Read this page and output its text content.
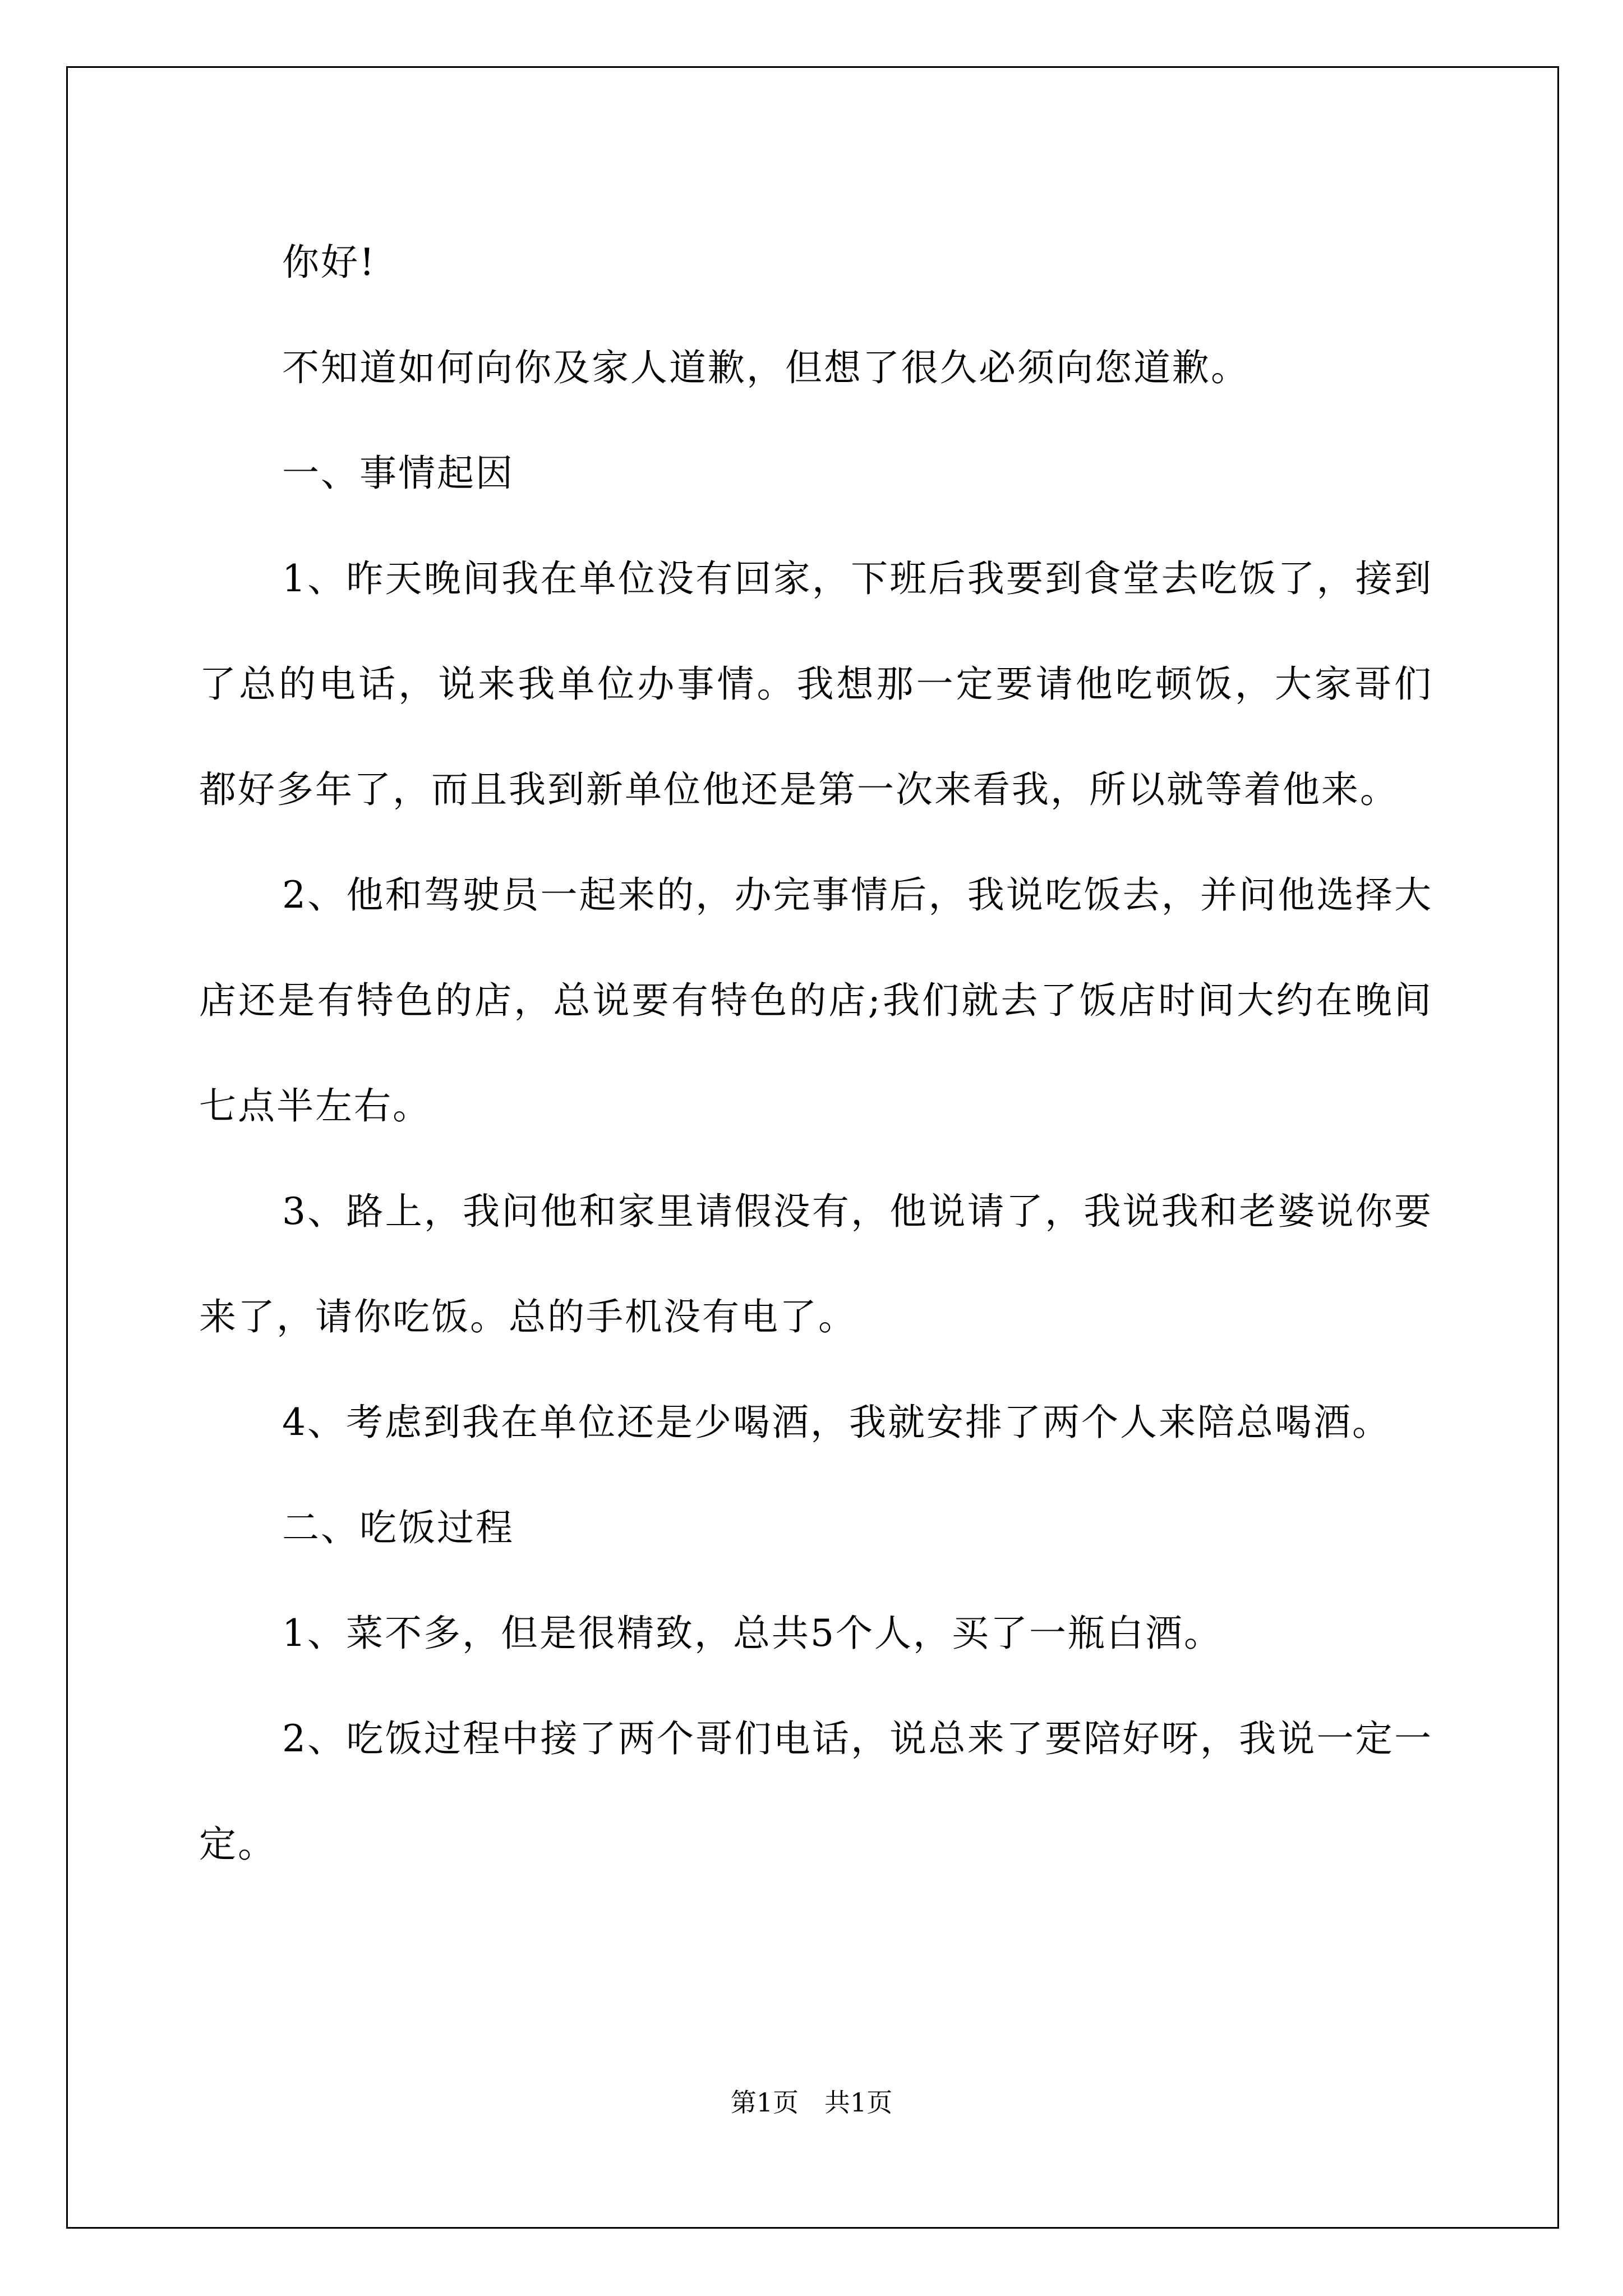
你好!

不知道如何向你及家人道歉，但想了很久必须向您道歉。

一、事情起因

1、昨天晚间我在单位没有回家，下班后我要到食堂去吃饭了，接到了总的电话，说来我单位办事情。我想那一定要请他吃顿饭，大家哥们都好多年了，而且我到新单位他还是第一次来看我，所以就等着他来。

2、他和驾驶员一起来的，办完事情后，我说吃饭去，并问他选择大店还是有特色的店，总说要有特色的店;我们就去了饭店时间大约在晚间七点半左右。

3、路上，我问他和家里请假没有，他说请了，我说我和老婆说你要来了，请你吃饭。总的手机没有电了。

4、考虑到我在单位还是少喝酒，我就安排了两个人来陪总喝酒。

二、吃饭过程

1、菜不多，但是很精致，总共5个人，买了一瓶白酒。

2、吃饭过程中接了两个哥们电话，说总来了要陪好呀，我说一定一定。

第1页　共1页
